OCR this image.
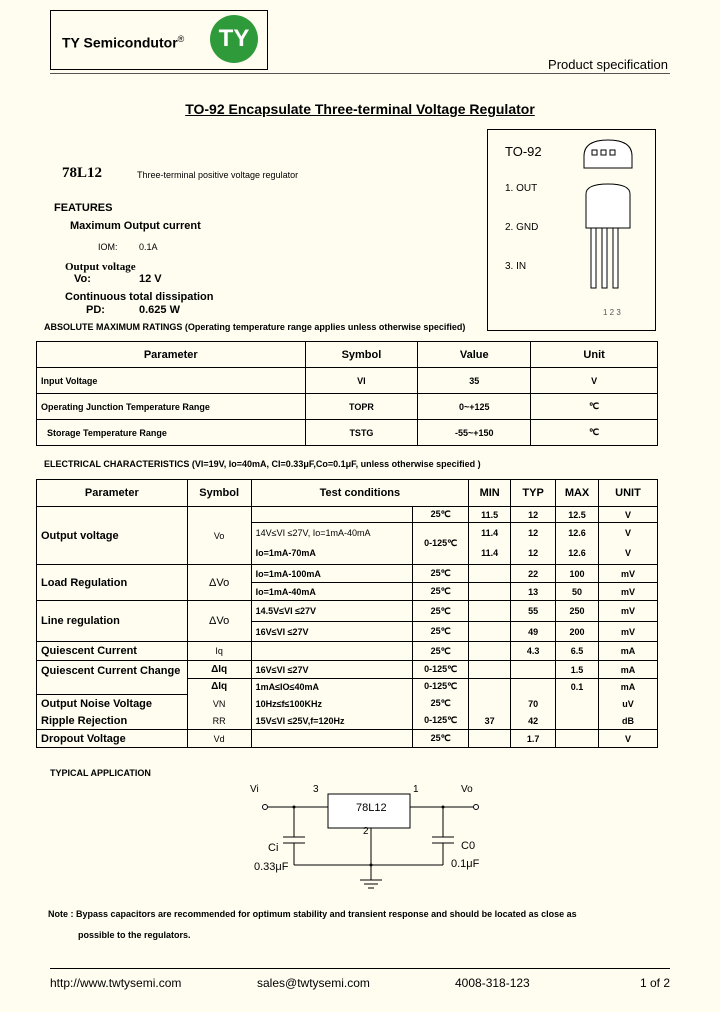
TY Semicondutor®	TY
Product specification
TO-92 Encapsulate Three-terminal Voltage Regulator
78L12	Three-terminal positive voltage regulator
FEATURES
Maximum Output current
IOM: 0.1A
Output voltage
Vo:	12 V
Continuous total dissipation
PD:	0.625 W
TO-92
1. OUT
2. GND
3. IN
1 2 3
ABSOLUTE MAXIMUM RATINGS (Operating temperature range applies unless otherwise specified)
Parameter	Symbol	Value	Unit
Input Voltage	VI	35	V
Operating Junction Temperature Range	TOPR	0~+125	℃
Storage Temperature Range	TSTG	-55~+150	℃
ELECTRICAL CHARACTERISTICS (VI=19V, Io=40mA, CI=0.33μF,Co=0.1μF, unless otherwise specified )
Parameter	Symbol	Test conditions		MIN	TYP	MAX	UNIT
Output voltage	Vo		25℃	11.5	12	12.5	V
		14V≤VI ≤27V, Io=1mA-40mA	0-125℃	11.4	12	12.6	V
		Io=1mA-70mA		11.4	12	12.6	V
Load Regulation	ΔVo	Io=1mA-100mA	25℃		22	100	mV
		Io=1mA-40mA	25℃		13	50	mV
Line regulation	ΔVo	14.5V≤VI ≤27V	25℃		55	250	mV
		16V≤VI ≤27V	25℃		49	200	mV
Quiescent Current	Iq		25℃		4.3	6.5	mA
Quiescent Current Change	ΔIq	16V≤VI ≤27V	0-125℃			1.5	mA
	ΔIq	1mA≤IO≤40mA	0-125℃			0.1	mA
Output Noise Voltage	VN	10Hz≤f≤100KHz	25℃		70		uV
Ripple Rejection	RR	15V≤VI ≤25V,f=120Hz	0-125℃	37	42		dB
Dropout Voltage	Vd		25℃		1.7		V
TYPICAL APPLICATION
Vi	3	1	Vo
78L12
2
Ci
0.33μF
C0
0.1μF
Note : Bypass capacitors are recommended for optimum stability and transient response and should be located as close as
possible to the regulators.
http://www.twtysemi.com	sales@twtysemi.com	4008-318-123	1 of 2
